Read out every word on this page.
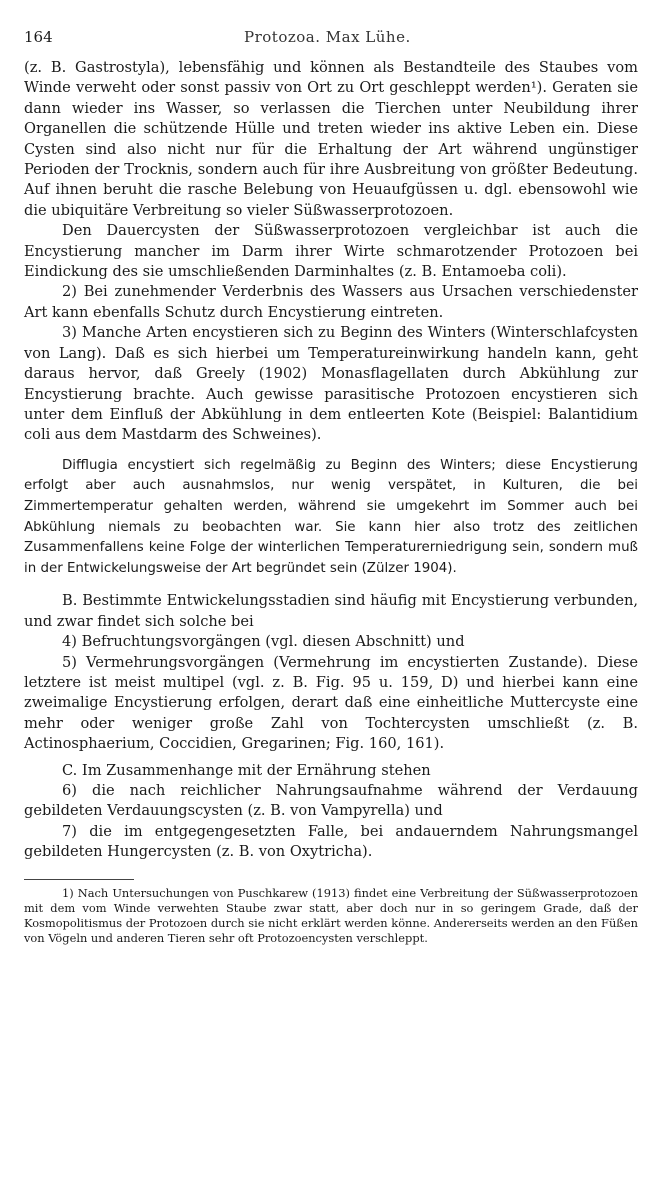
164	Protozoa. Max Lühe.

(z. B. Gastrostyla), lebensfähig und können als Bestandteile des Staubes vom Winde verweht oder sonst passiv von Ort zu Ort geschleppt werden¹). Geraten sie dann wieder ins Wasser, so verlassen die Tierchen unter Neubildung ihrer Organellen die schützende Hülle und treten wieder ins aktive Leben ein. Diese Cysten sind also nicht nur für die Erhaltung der Art während ungünstiger Perioden der Trocknis, sondern auch für ihre Ausbreitung von größter Bedeutung. Auf ihnen beruht die rasche Belebung von Heuaufgüssen u. dgl. ebensowohl wie die ubiquitäre Verbreitung so vieler Süßwasserprotozoen.

Den Dauercysten der Süßwasserprotozoen vergleichbar ist auch die Encystierung mancher im Darm ihrer Wirte schmarotzender Protozoen bei Eindickung des sie umschließenden Darminhaltes (z. B. Entamoeba coli).

2) Bei zunehmender Verderbnis des Wassers aus Ursachen verschiedenster Art kann ebenfalls Schutz durch Encystierung eintreten.

3) Manche Arten encystieren sich zu Beginn des Winters (Winterschlafcysten von Lang). Daß es sich hierbei um Temperatureinwirkung handeln kann, geht daraus hervor, daß Greely (1902) Monasflagellaten durch Abkühlung zur Encystierung brachte. Auch gewisse parasitische Protozoen encystieren sich unter dem Einfluß der Abkühlung in dem entleerten Kote (Beispiel: Balantidium coli aus dem Mastdarm des Schweines).

Difflugia encystiert sich regelmäßig zu Beginn des Winters; diese Encystierung erfolgt aber auch ausnahmslos, nur wenig verspätet, in Kulturen, die bei Zimmertemperatur gehalten werden, während sie umgekehrt im Sommer auch bei Abkühlung niemals zu beobachten war. Sie kann hier also trotz des zeitlichen Zusammenfallens keine Folge der winterlichen Temperaturerniedrigung sein, sondern muß in der Entwickelungsweise der Art begründet sein (Zülzer 1904).

B. Bestimmte Entwickelungsstadien sind häufig mit Encystierung verbunden, und zwar findet sich solche bei

4) Befruchtungsvorgängen (vgl. diesen Abschnitt) und

5) Vermehrungsvorgängen (Vermehrung im encystierten Zustande). Diese letztere ist meist multipel (vgl. z. B. Fig. 95 u. 159, D) und hierbei kann eine zweimalige Encystierung erfolgen, derart daß eine einheitliche Muttercyste eine mehr oder weniger große Zahl von Tochtercysten umschließt (z. B. Actinosphaerium, Coccidien, Gregarinen; Fig. 160, 161).

C. Im Zusammenhange mit der Ernährung stehen

6) die nach reichlicher Nahrungsaufnahme während der Verdauung gebildeten Verdauungscysten (z. B. von Vampyrella) und

7) die im entgegengesetzten Falle, bei andauerndem Nahrungsmangel gebildeten Hungercysten (z. B. von Oxytricha).

1) Nach Untersuchungen von Puschkarew (1913) findet eine Verbreitung der Süßwasserprotozoen mit dem vom Winde verwehten Staube zwar statt, aber doch nur in so geringem Grade, daß der Kosmopolitismus der Protozoen durch sie nicht erklärt werden könne. Andererseits werden an den Füßen von Vögeln und anderen Tieren sehr oft Protozoencysten verschleppt.
